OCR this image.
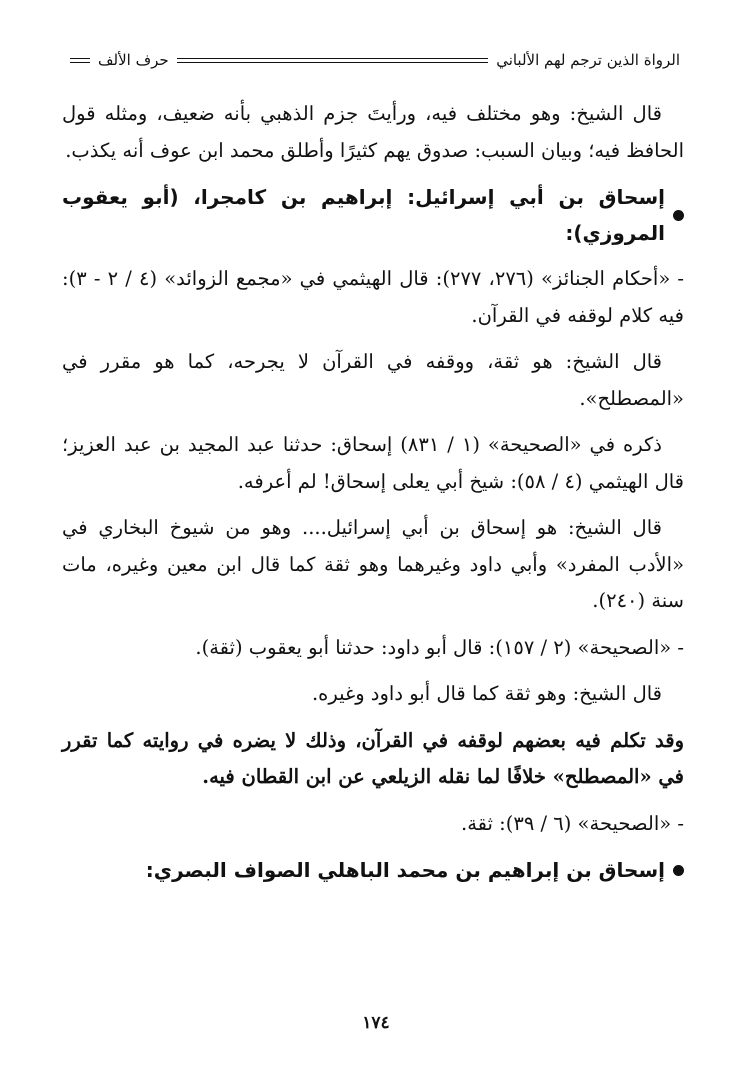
الرواة الذين ترجم لهم الألباني
حرف الألف

قال الشيخ: وهو مختلف فيه، ورأيتَ جزم الذهبي بأنه ضعيف، ومثله قول الحافظ فيه؛ وبيان السبب: صدوق يهم كثيرًا وأطلق محمد ابن عوف أنه يكذب.

إسحاق بن أبي إسرائيل: إبراهيم بن كامجرا، (أبو يعقوب المروزي):

- «أحكام الجنائز» (٢٧٦، ٢٧٧): قال الهيثمي في «مجمع الزوائد» (٤ / ٢ - ٣): فيه كلام لوقفه في القرآن.

قال الشيخ: هو ثقة، ووقفه في القرآن لا يجرحه، كما هو مقرر في «المصطلح».

ذكره في «الصحيحة» (١ / ٨٣١) إسحاق: حدثنا عبد المجيد بن عبد العزيز؛ قال الهيثمي (٤ / ٥٨): شيخ أبي يعلى إسحاق! لم أعرفه.

قال الشيخ: هو إسحاق بن أبي إسرائيل.... وهو من شيوخ البخاري في «الأدب المفرد» وأبي داود وغيرهما وهو ثقة كما قال ابن معين وغيره، مات سنة (٢٤٠).

- «الصحيحة» (٢ / ١٥٧): قال أبو داود: حدثنا أبو يعقوب (ثقة).

قال الشيخ: وهو ثقة كما قال أبو داود وغيره.

وقد تكلم فيه بعضهم لوقفه في القرآن، وذلك لا يضره في روايته كما تقرر في «المصطلح» خلافًا لما نقله الزيلعي عن ابن القطان فيه.

- «الصحيحة» (٦ / ٣٩): ثقة.

إسحاق بن إبراهيم بن محمد الباهلي الصواف البصري:
١٧٤
